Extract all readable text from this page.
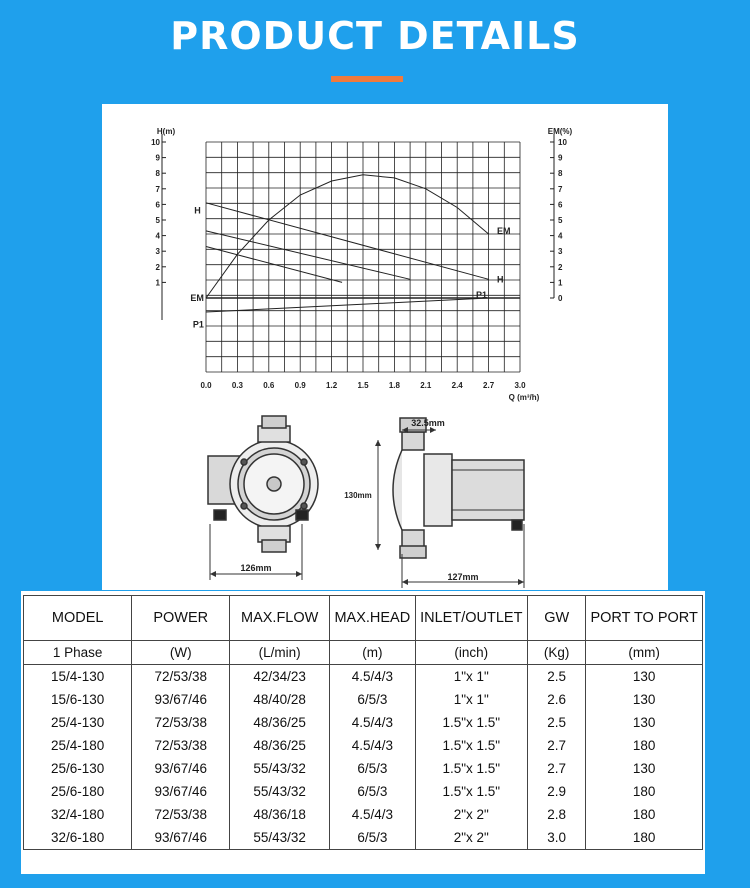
PRODUCT DETAILS
H(m)	EM(%)
1
2
3
4
5
6
7
8
9
10
0
1
2
3
4
5
6
7
8
9
10
0.0	0.3	0.6	0.9	1.2	1.5	1.8	2.1	2.4	2.7	3.0
Q (m³/h)
H
EM
P1
EM
H
P1
126mm
32.5mm
130mm
127mm
MODEL	POWER	MAX.FLOW	MAX.HEAD	INLET/OUTLET	GW	PORT TO PORT
1 Phase	(W)	(L/min)	(m)	(inch)	(Kg)	(mm)
15/4-130	72/53/38	42/34/23	4.5/4/3	1"x 1"	2.5	130
15/6-130	93/67/46	48/40/28	6/5/3	1"x 1"	2.6	130
25/4-130	72/53/38	48/36/25	4.5/4/3	1.5"x 1.5"	2.5	130
25/4-180	72/53/38	48/36/25	4.5/4/3	1.5"x 1.5"	2.7	180
25/6-130	93/67/46	55/43/32	6/5/3	1.5"x 1.5"	2.7	130
25/6-180	93/67/46	55/43/32	6/5/3	1.5"x 1.5"	2.9	180
32/4-180	72/53/38	48/36/18	4.5/4/3	2"x 2"	2.8	180
32/6-180	93/67/46	55/43/32	6/5/3	2"x 2"	3.0	180
